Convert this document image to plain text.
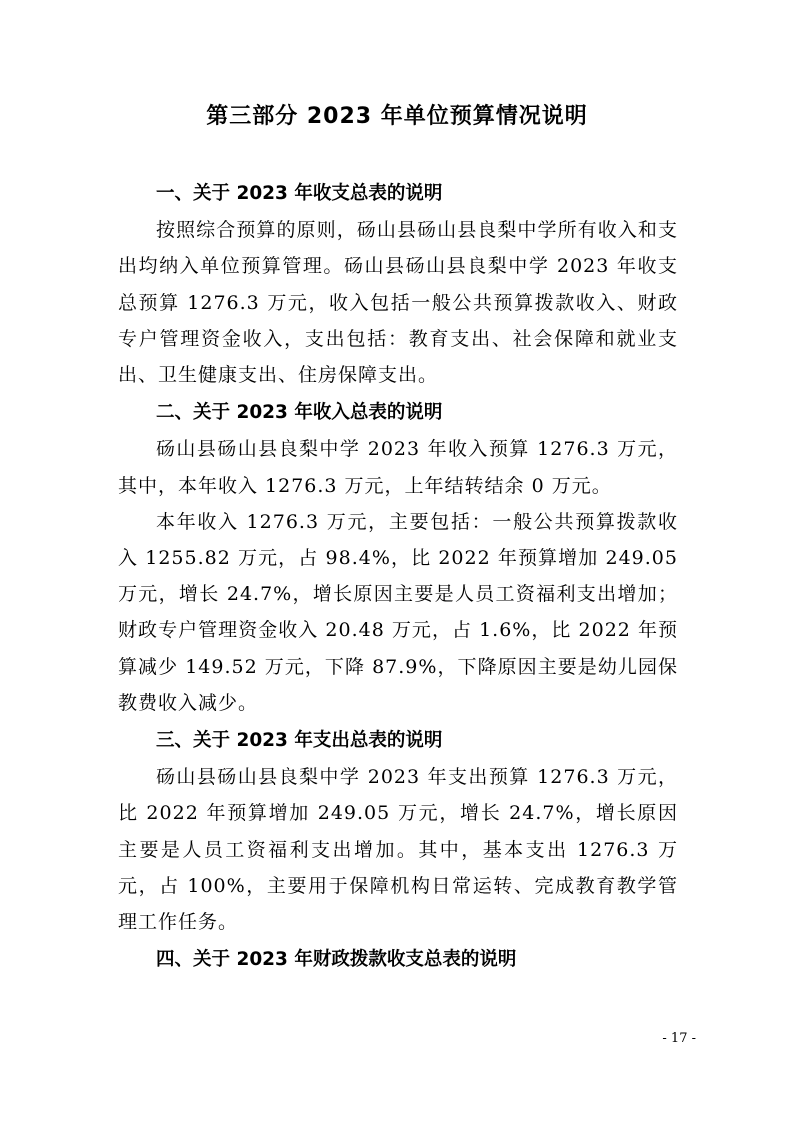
第三部分 2023 年单位预算情况说明

一、关于 2023 年收支总表的说明

按照综合预算的原则，砀山县砀山县良梨中学所有收入和支出均纳入单位预算管理。砀山县砀山县良梨中学 2023 年收支总预算 1276.3 万元，收入包括一般公共预算拨款收入、财政专户管理资金收入，支出包括：教育支出、社会保障和就业支出、卫生健康支出、住房保障支出。

二、关于 2023 年收入总表的说明

砀山县砀山县良梨中学 2023 年收入预算 1276.3 万元，其中，本年收入 1276.3 万元，上年结转结余 0 万元。

本年收入 1276.3 万元，主要包括：一般公共预算拨款收入 1255.82 万元，占 98.4%，比 2022 年预算增加 249.05 万元，增长 24.7%，增长原因主要是人员工资福利支出增加；财政专户管理资金收入 20.48 万元，占 1.6%，比 2022 年预算减少 149.52 万元，下降 87.9%，下降原因主要是幼儿园保教费收入减少。

三、关于 2023 年支出总表的说明

砀山县砀山县良梨中学 2023 年支出预算 1276.3 万元，比 2022 年预算增加 249.05 万元，增长 24.7%，增长原因主要是人员工资福利支出增加。其中，基本支出 1276.3 万元，占 100%，主要用于保障机构日常运转、完成教育教学管理工作任务。

四、关于 2023 年财政拨款收支总表的说明

- 17 -
